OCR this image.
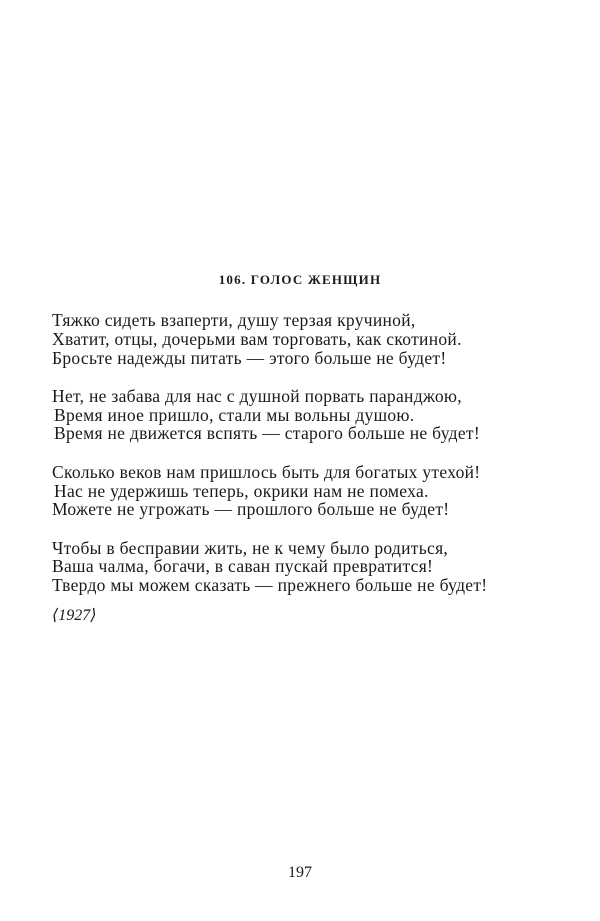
106. ГОЛОС ЖЕНЩИН
Тяжко сидеть взаперти, душу терзая кручиной,
Хватит, отцы, дочерьми вам торговать, как скотиной.
Бросьте надежды питать — этого больше не будет!
Нет, не забава для нас с душной порвать паранджою,
Время иное пришло, стали мы вольны душою.
Время не движется вспять — старого больше не будет!
Сколько веков нам пришлось быть для богатых утехой!
Нас не удержишь теперь, окрики нам не помеха.
Можете не угрожать — прошлого больше не будет!
Чтобы в бесправии жить, не к чему было родиться,
Ваша чалма, богачи, в саван пускай превратится!
Твердо мы можем сказать — прежнего больше не будет!
⟨1927⟩
197
